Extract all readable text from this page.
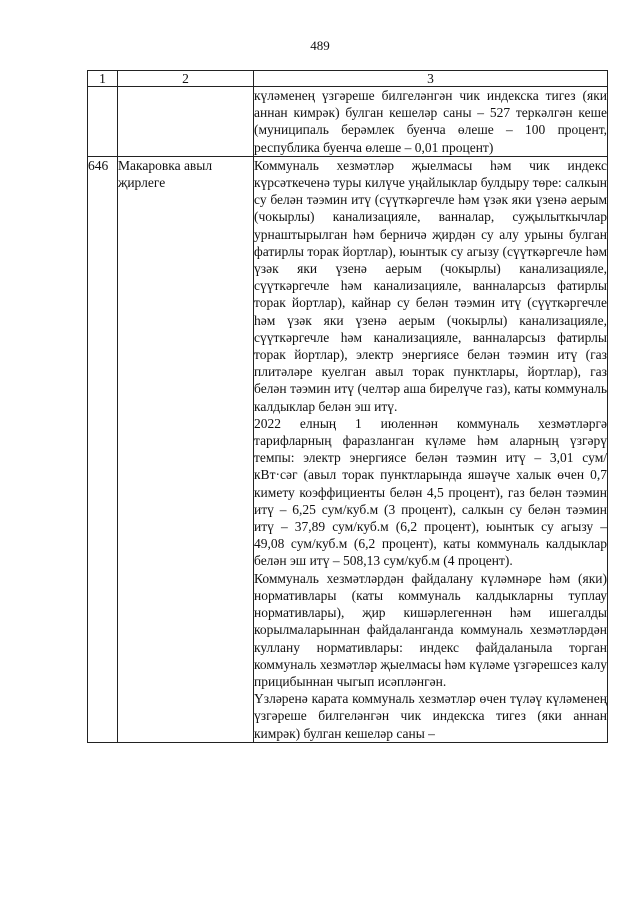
489
1	2	3

		күләменең үзгәреше билгеләнгән чик индекска тигез (яки аннан кимрәк) булган кешеләр саны – 527 теркәлгән кеше (муниципаль берәмлек буенча өлеше – 100 процент, республика буенча өлеше – 0,01 процент)

646	Макаровка авыл җирлеге	Коммуналь хезмәтләр җыелмасы һәм чик индекс күрсәткеченә туры килүче уңайлыклар булдыру төре: салкын су белән тәэмин итү (сүүткәргечле һәм үзәк яки үзенә аерым (чокырлы) канализацияле, ванналар, суҗылыткычлар урнаштырылган һәм берничә җирдән су алу урыны булган фатирлы торак йортлар), юынтык су агызу (сүүткәргечле һәм үзәк яки үзенә аерым (чокырлы) канализацияле, сүүткәргечле һәм канализацияле, ванналарсыз фатирлы торак йортлар), кайнар су белән тәэмин итү (сүүткәргечле һәм үзәк яки үзенә аерым (чокырлы) канализацияле, сүүткәргечле һәм канализацияле, ванналарсыз фатирлы торак йортлар), электр энергиясе белән тәэмин итү (газ плитәләре куелган авыл торак пунктлары, йортлар), газ белән тәэмин итү (челтәр аша бирелүче газ), каты коммуналь калдыклар белән эш итү.
2022 елның 1 июленнән коммуналь хезмәтләргә тарифларның фаразланган күләме һәм аларның үзгәрү темпы: электр энергиясе белән тәэмин итү – 3,01 сум/кВт·сәг (авыл торак пунктларында яшәүче халык өчен 0,7 кимету коэффициенты белән 4,5 процент), газ белән тәэмин итү – 6,25 сум/куб.м (3 процент), салкын су белән тәэмин итү – 37,89 сум/куб.м (6,2 процент), юынтык су агызу – 49,08 сум/куб.м (6,2 процент), каты коммуналь калдыклар белән эш итү – 508,13 сум/куб.м (4 процент).
Коммуналь хезмәтләрдән файдалану күләмнәре һәм (яки) нормативлары (каты коммуналь калдыкларны туплау нормативлары), җир кишәрлегеннән һәм ишегалды корылмаларыннан файдаланганда коммуналь хезмәтләрдән куллану нормативлары: индекс файдаланыла торган коммуналь хезмәтләр җыелмасы һәм күләме үзгәрешсез калу прицибыннан чыгып исәпләнгән.
Үзләренә карата коммуналь хезмәтләр өчен түләү күләменең үзгәреше билгеләнгән чик индекска тигез (яки аннан кимрәк) булган кешеләр саны –
